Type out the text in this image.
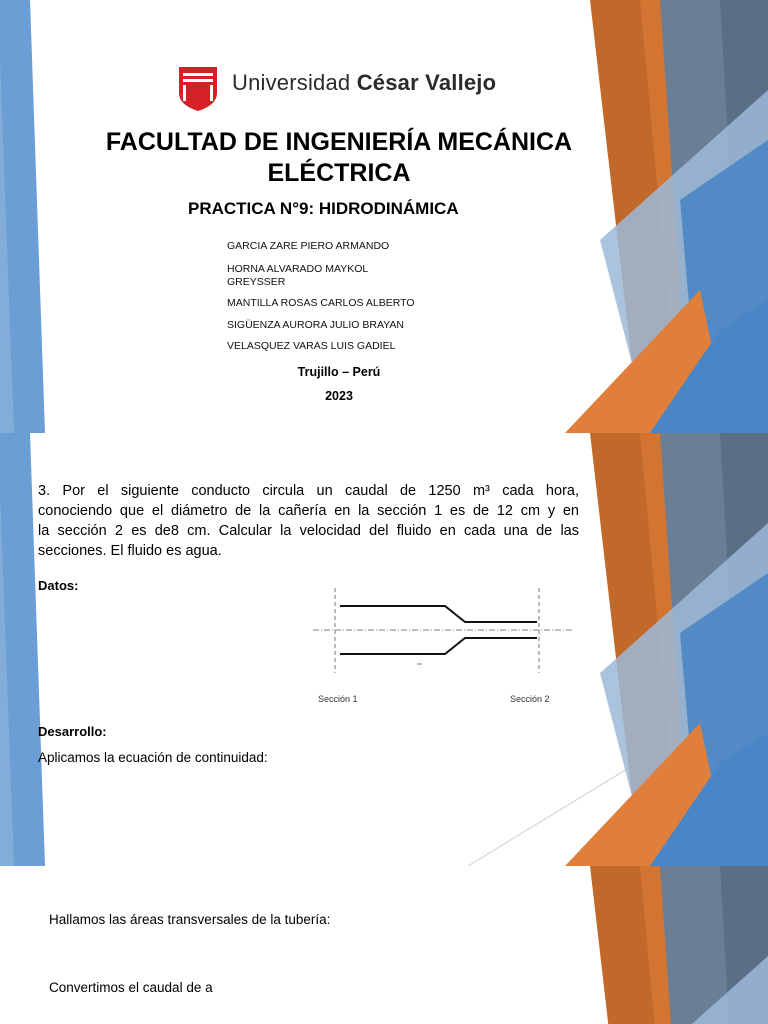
Universidad César Vallejo
FACULTAD DE INGENIERÍA MECÁNICA
ELÉCTRICA
PRACTICA N°9: HIDRODINÁMICA
GARCIA ZARE PIERO ARMANDO
HORNA ALVARADO MAYKOL
GREYSSER
MANTILLA ROSAS CARLOS ALBERTO
SIGÜENZA AURORA JULIO BRAYAN
VELASQUEZ VARAS LUIS GADIEL
Trujillo – Perú
2023
3. Por el siguiente conducto circula un caudal de 1250 m³ cada hora,
conociendo que el diámetro de la cañería en la sección 1 es de 12 cm y en
la sección 2 es de8 cm. Calcular la velocidad del fluido en cada una de las
secciones. El fluido es agua.
Datos:
Sección 1	Sección 2
Desarrollo:
Aplicamos la ecuación de continuidad:
Hallamos las áreas transversales de la tubería:
Convertimos el caudal de a
